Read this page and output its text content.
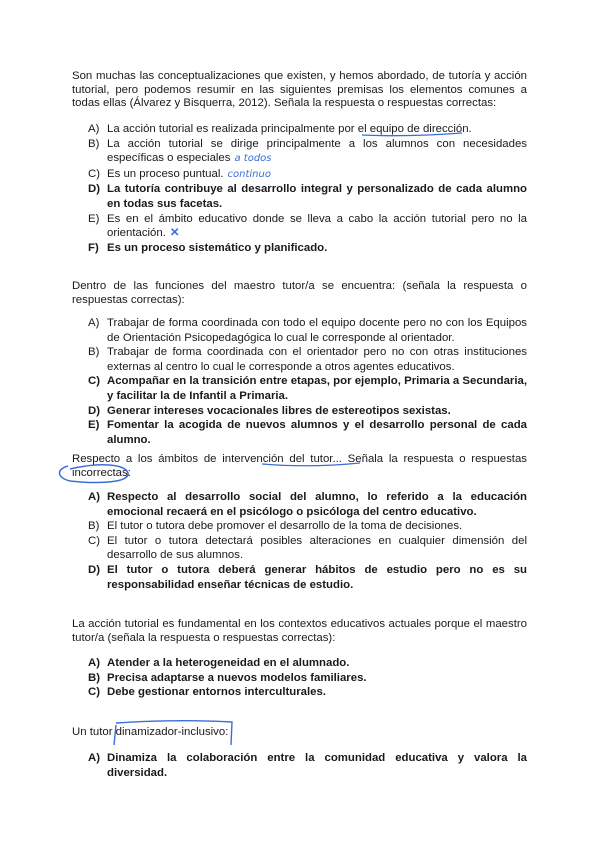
Son muchas las conceptualizaciones que existen, y hemos abordado, de tutoría y acción tutorial, pero podemos resumir en las siguientes premisas los elementos comunes a todas ellas (Álvarez y Bisquerra, 2012). Señala la respuesta o respuestas correctas:
A) La acción tutorial es realizada principalmente por el equipo de dirección.
B) La acción tutorial se dirige principalmente a los alumnos con necesidades específicas o especiales a todos
C) Es un proceso puntual. continuo
D) La tutoría contribuye al desarrollo integral y personalizado de cada alumno en todas sus facetas.
E) Es en el ámbito educativo donde se lleva a cabo la acción tutorial pero no la orientación. ✕
F) Es un proceso sistemático y planificado.
Dentro de las funciones del maestro tutor/a se encuentra: (señala la respuesta o respuestas correctas):
A) Trabajar de forma coordinada con todo el equipo docente pero no con los Equipos de Orientación Psicopedagógica lo cual le corresponde al orientador.
B) Trabajar de forma coordinada con el orientador pero no con otras instituciones externas al centro lo cual le corresponde a otros agentes educativos.
C) Acompañar en la transición entre etapas, por ejemplo, Primaria a Secundaria, y facilitar la de Infantil a Primaria.
D) Generar intereses vocacionales libres de estereotipos sexistas.
E) Fomentar la acogida de nuevos alumnos y el desarrollo personal de cada alumno.
Respecto a los ámbitos de intervención del tutor... Señala la respuesta o respuestas incorrectas:
A) Respecto al desarrollo social del alumno, lo referido a la educación emocional recaerá en el psicólogo o psicóloga del centro educativo.
B) El tutor o tutora debe promover el desarrollo de la toma de decisiones.
C) El tutor o tutora detectará posibles alteraciones en cualquier dimensión del desarrollo de sus alumnos.
D) El tutor o tutora deberá generar hábitos de estudio pero no es su responsabilidad enseñar técnicas de estudio.
La acción tutorial es fundamental en los contextos educativos actuales porque el maestro tutor/a (señala la respuesta o respuestas correctas):
A) Atender a la heterogeneidad en el alumnado.
B) Precisa adaptarse a nuevos modelos familiares.
C) Debe gestionar entornos interculturales.
Un tutor dinamizador-inclusivo:
A) Dinamiza la colaboración entre la comunidad educativa y valora la diversidad.
